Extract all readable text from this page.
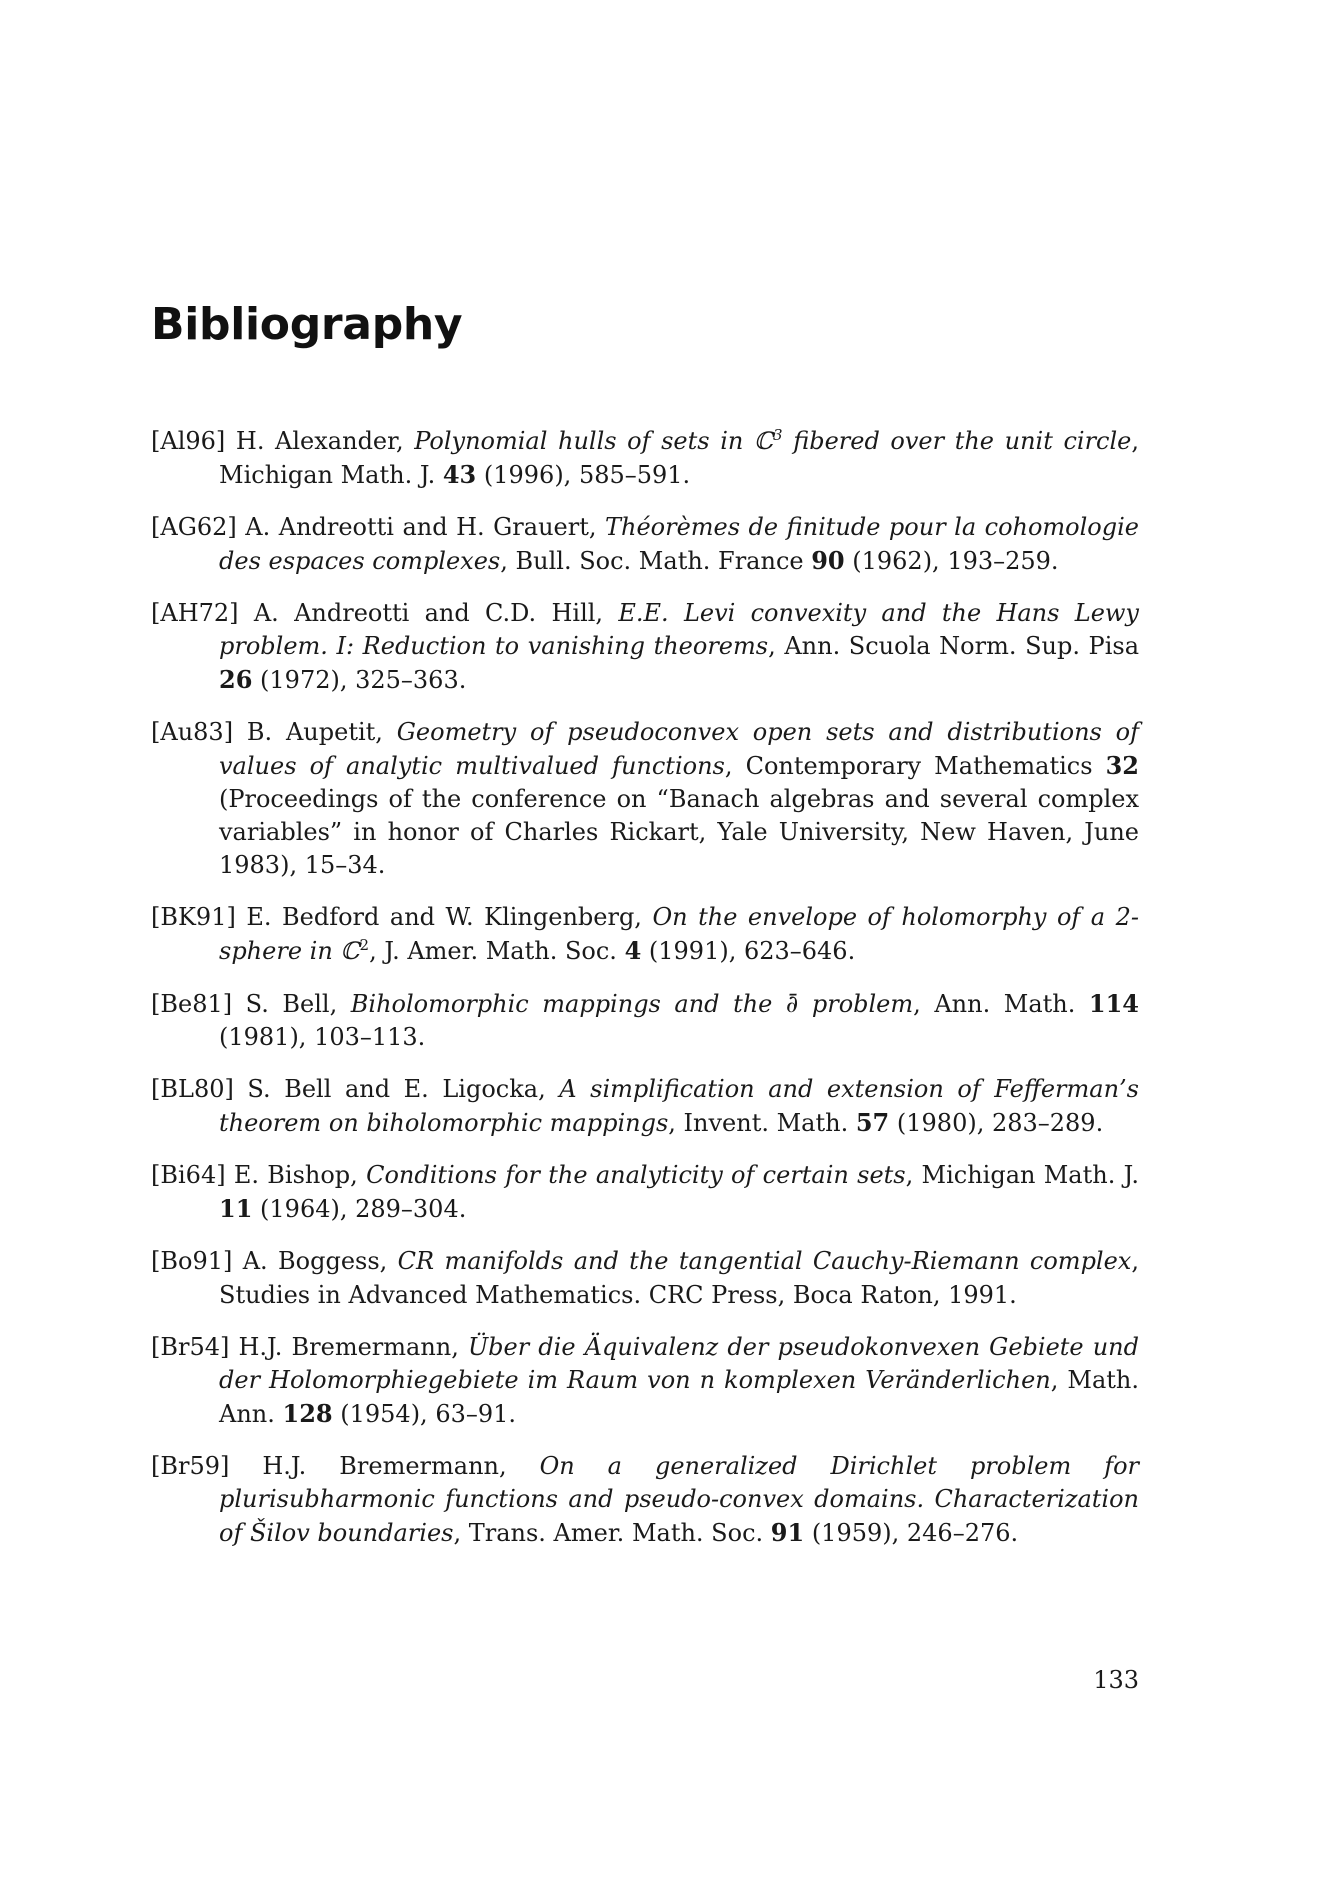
Bibliography

[Al96] H. Alexander, Polynomial hulls of sets in ℂ$^3$ fibered over the unit circle, Michigan Math. J. 43 (1996), 585–591.

[AG62] A. Andreotti and H. Grauert, Théorèmes de finitude pour la cohomologie des espaces complexes, Bull. Soc. Math. France 90 (1962), 193–259.

[AH72] A. Andreotti and C.D. Hill, E.E. Levi convexity and the Hans Lewy problem. I: Reduction to vanishing theorems, Ann. Scuola Norm. Sup. Pisa 26 (1972), 325–363.

[Au83] B. Aupetit, Geometry of pseudoconvex open sets and distributions of values of analytic multivalued functions, Contemporary Mathematics 32 (Proceedings of the conference on “Banach algebras and several complex variables” in honor of Charles Rickart, Yale University, New Haven, June 1983), 15–34.

[BK91] E. Bedford and W. Klingenberg, On the envelope of holomorphy of a 2-sphere in ℂ$^2$, J. Amer. Math. Soc. 4 (1991), 623–646.

[Be81] S. Bell, Biholomorphic mappings and the ∂̄ problem, Ann. Math. 114 (1981), 103–113.

[BL80] S. Bell and E. Ligocka, A simplification and extension of Fefferman’s theorem on biholomorphic mappings, Invent. Math. 57 (1980), 283–289.

[Bi64] E. Bishop, Conditions for the analyticity of certain sets, Michigan Math. J. 11 (1964), 289–304.

[Bo91] A. Boggess, CR manifolds and the tangential Cauchy-Riemann complex, Studies in Advanced Mathematics. CRC Press, Boca Raton, 1991.

[Br54] H.J. Bremermann, Über die Äquivalenz der pseudokonvexen Gebiete und der Holomorphiegebiete im Raum von n komplexen Veränderlichen, Math. Ann. 128 (1954), 63–91.

[Br59] H.J. Bremermann, On a generalized Dirichlet problem for plurisubharmonic functions and pseudo-convex domains. Characterization of Šilov boundaries, Trans. Amer. Math. Soc. 91 (1959), 246–276.

133
